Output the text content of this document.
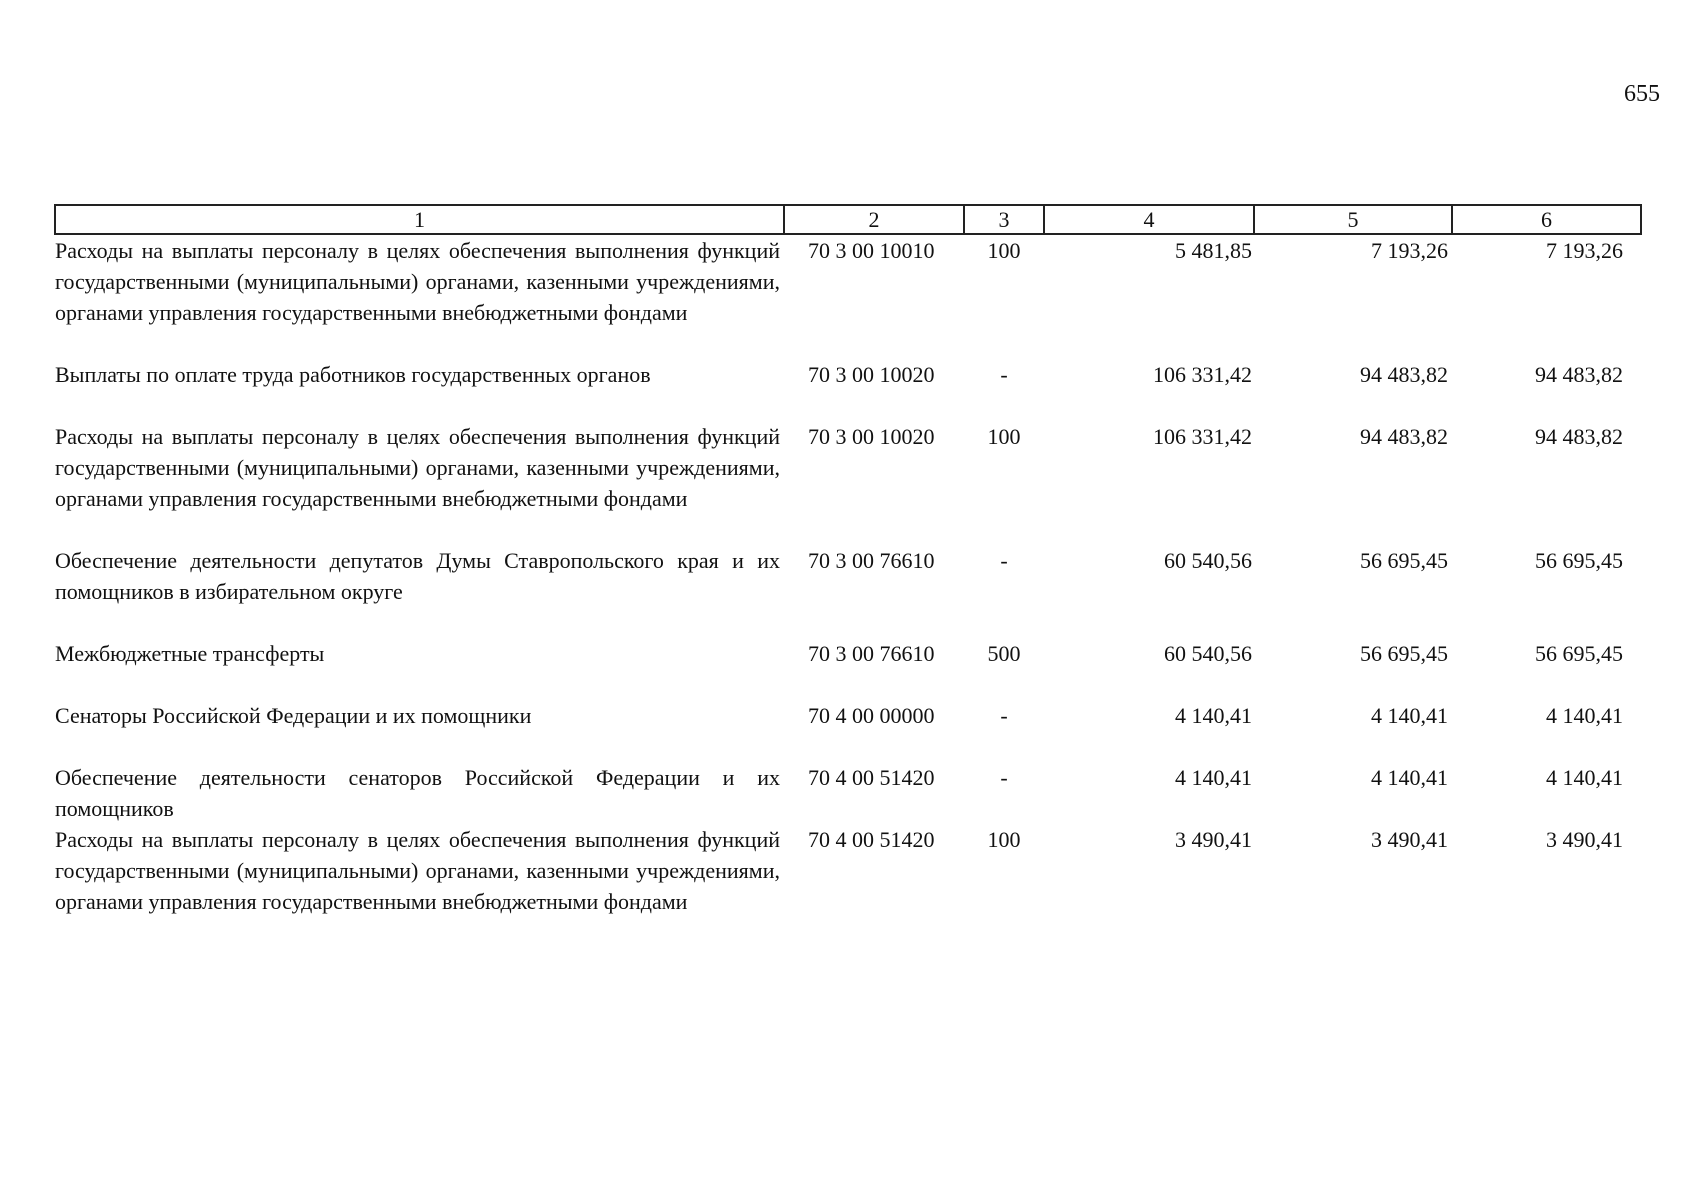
655
1	2	3	4	5	6
Расходы на выплаты персоналу в целях обеспечения выполнения функций государственными (муниципальными) органами, казенными учреждениями, органами управления государственными внебюджетными фондами	70 3 00 10010	100	5 481,85	7 193,26	7 193,26
Выплаты по оплате труда работников государственных органов	70 3 00 10020	-	106 331,42	94 483,82	94 483,82
Расходы на выплаты персоналу в целях обеспечения выполнения функций государственными (муниципальными) органами, казенными учреждениями, органами управления государственными внебюджетными фондами	70 3 00 10020	100	106 331,42	94 483,82	94 483,82
Обеспечение деятельности депутатов Думы Ставропольского края и их помощников в избирательном округе	70 3 00 76610	-	60 540,56	56 695,45	56 695,45
Межбюджетные трансферты	70 3 00 76610	500	60 540,56	56 695,45	56 695,45
Сенаторы Российской Федерации и их помощники	70 4 00 00000	-	4 140,41	4 140,41	4 140,41
Обеспечение деятельности сенаторов Российской Федерации и их помощников	70 4 00 51420	-	4 140,41	4 140,41	4 140,41
Расходы на выплаты персоналу в целях обеспечения выполнения функций государственными (муниципальными) органами, казенными учреждениями, органами управления государственными внебюджетными фондами	70 4 00 51420	100	3 490,41	3 490,41	3 490,41
